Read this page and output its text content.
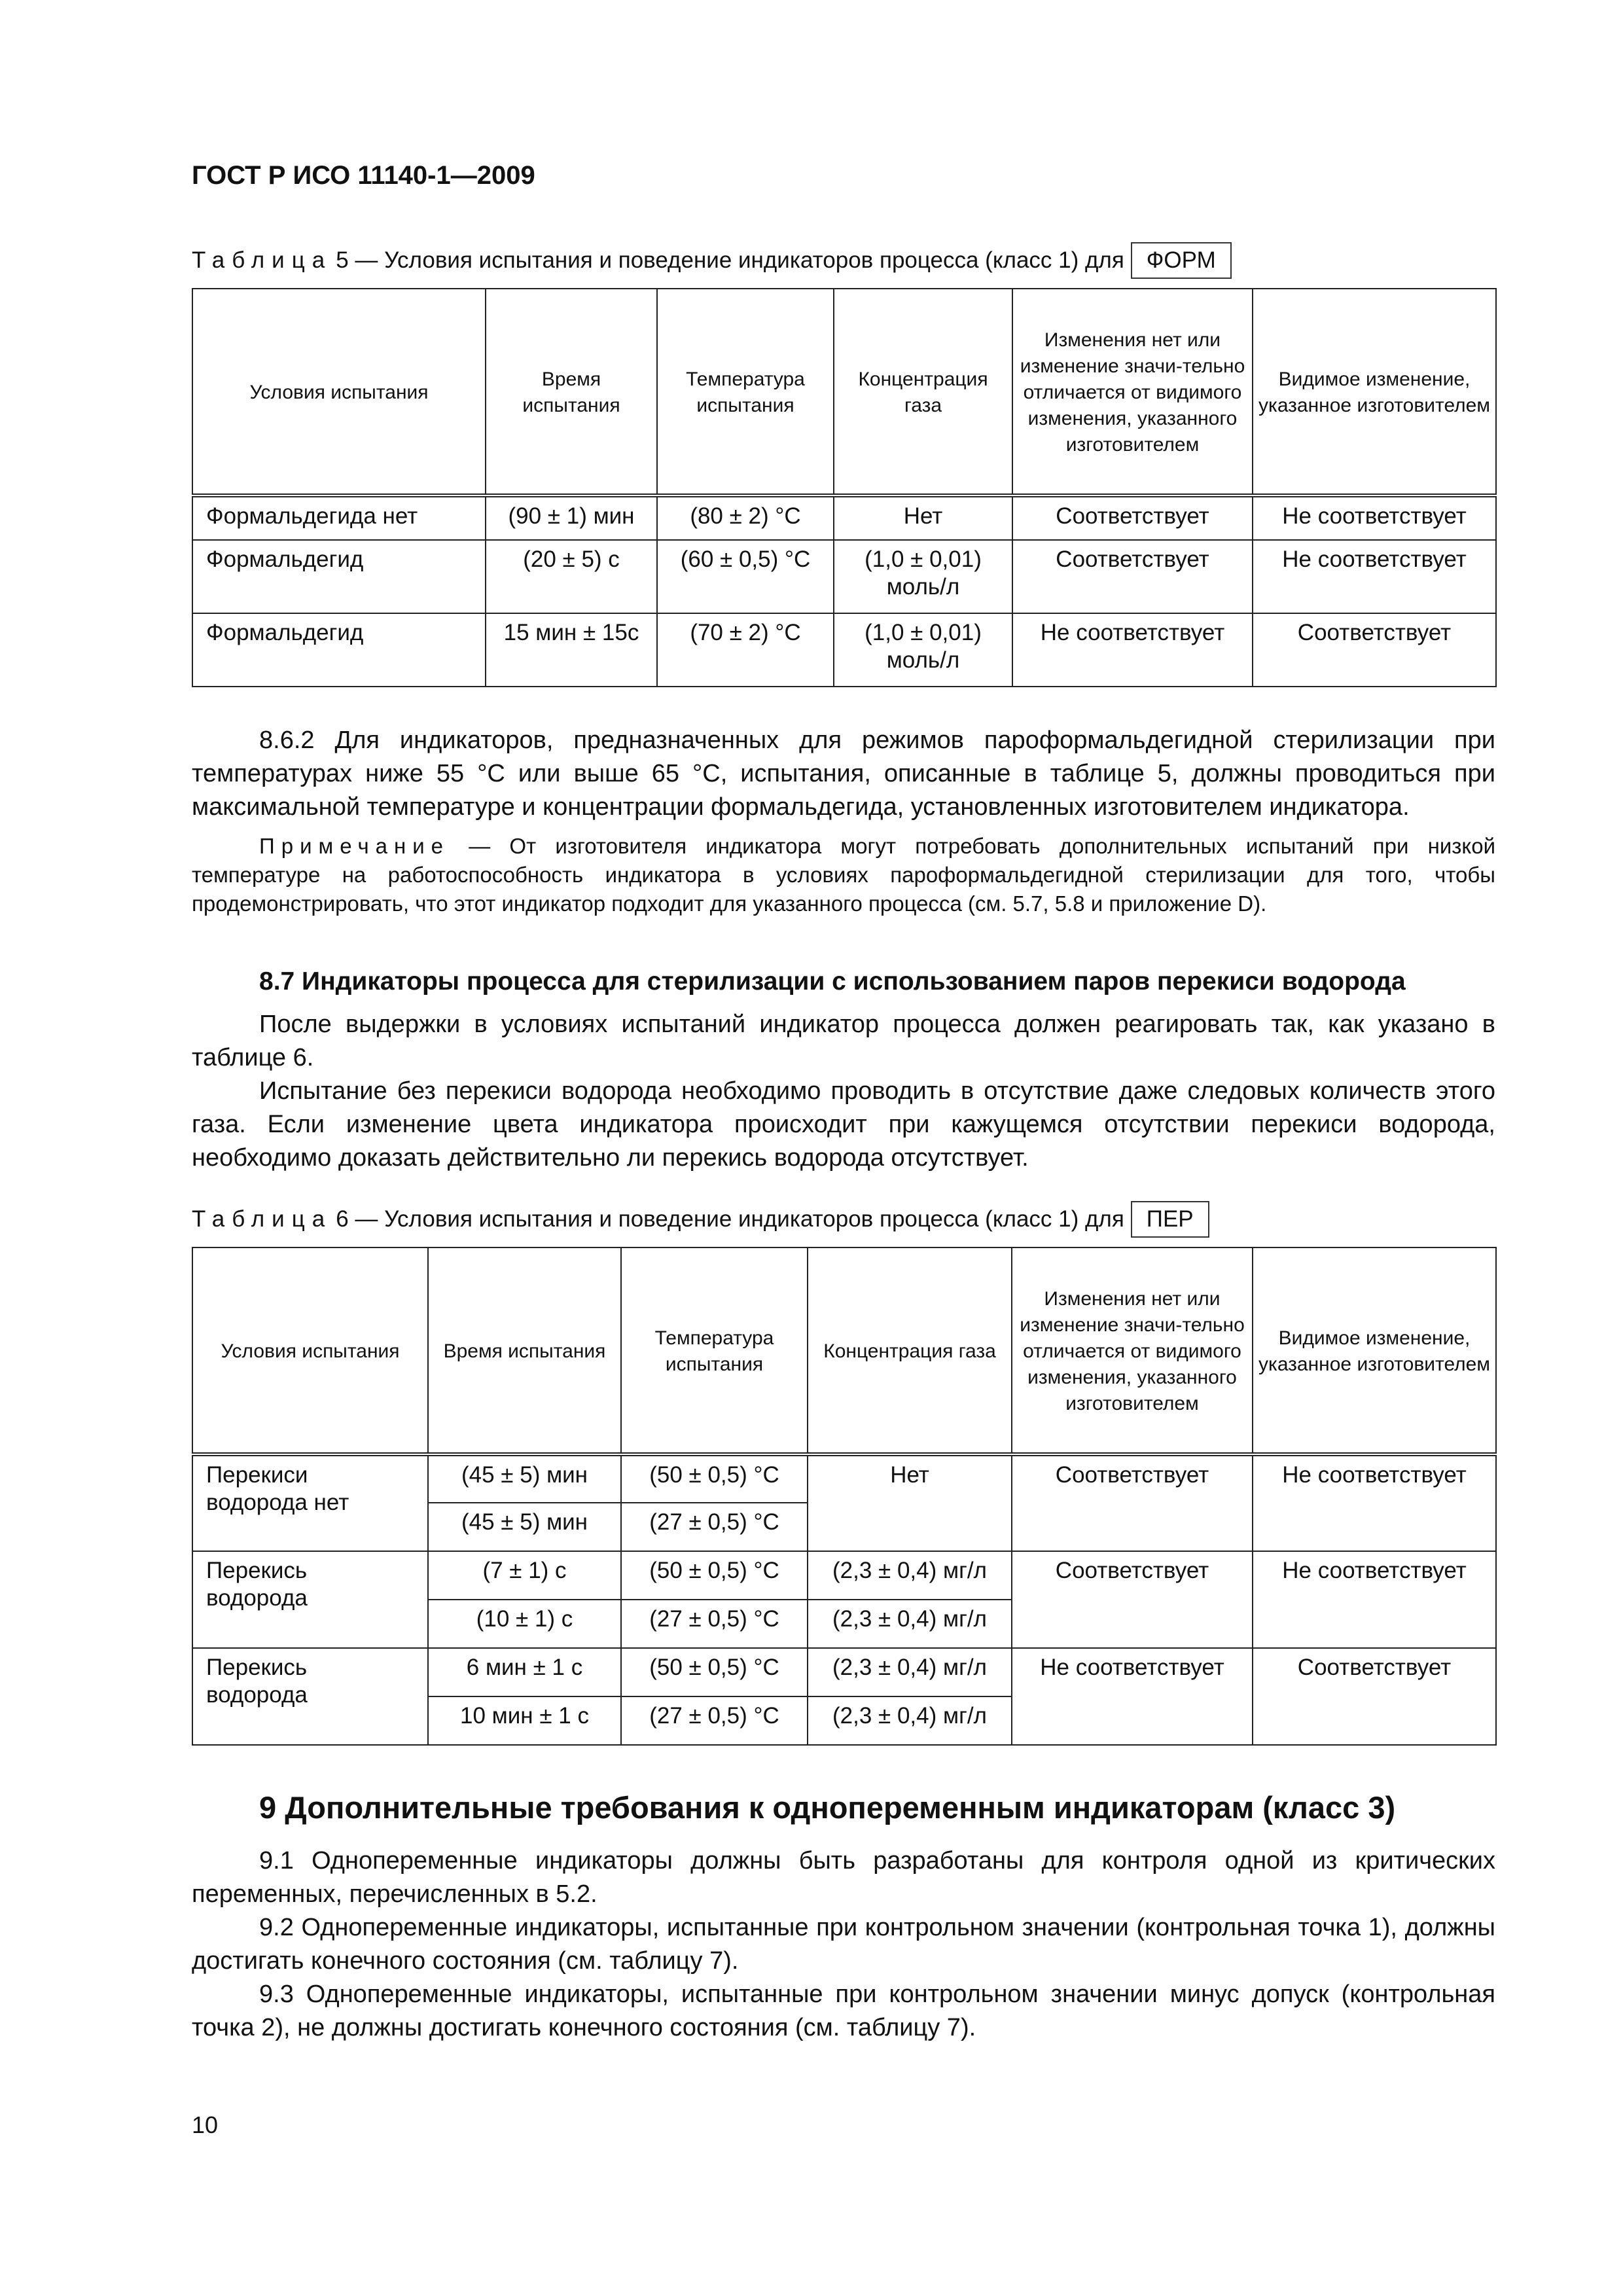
ГОСТ Р ИСО 11140-1—2009
Таблица 5 — Условия испытания и поведение индикаторов процесса (класс 1) для ФОРМ
Условия испытания	Время испытания	Температура испытания	Концентрация газа	Изменения нет или изменение значи-тельно отличается от видимого изменения, указанного изготовителем	Видимое изменение, указанное изготовителем
Формальдегида нет	(90 ± 1) мин	(80 ± 2) °С	Нет	Соответствует	Не соответствует
Формальдегид	(20 ± 5) с	(60 ± 0,5) °С	(1,0 ± 0,01) моль/л	Соответствует	Не соответствует
Формальдегид	15 мин ± 15с	(70 ± 2) °С	(1,0 ± 0,01) моль/л	Не соответствует	Соответствует

8.6.2 Для индикаторов, предназначенных для режимов пароформальдегидной стерилизации при температурах ниже 55 °С или выше 65 °С, испытания, описанные в таблице 5, должны проводиться при максимальной температуре и концентрации формальдегида, установленных изготовителем индикатора.

Примечание — От изготовителя индикатора могут потребовать дополнительных испытаний при низкой температуре на работоспособность индикатора в условиях пароформальдегидной стерилизации для того, чтобы продемонстрировать, что этот индикатор подходит для указанного процесса (см. 5.7, 5.8 и приложение D).

8.7 Индикаторы процесса для стерилизации с использованием паров перекиси водорода

После выдержки в условиях испытаний индикатор процесса должен реагировать так, как указано в таблице 6.

Испытание без перекиси водорода необходимо проводить в отсутствие даже следовых количеств этого газа. Если изменение цвета индикатора происходит при кажущемся отсутствии перекиси водорода, необходимо доказать действительно ли перекись водорода отсутствует.

Таблица 6 — Условия испытания и поведение индикаторов процесса (класс 1) для ПЕР
Условия испытания	Время испытания	Температура испытания	Концентрация газа	Изменения нет или изменение значи-тельно отличается от видимого изменения, указанного изготовителем	Видимое изменение, указанное изготовителем
Перекиси водорода нет	(45 ± 5) мин	(50 ± 0,5) °С	Нет	Соответствует	Не соответствует
	(45 ± 5) мин	(27 ± 0,5) °С			
Перекись водорода	(7 ± 1) с	(50 ± 0,5) °С	(2,3 ± 0,4) мг/л	Соответствует	Не соответствует
	(10 ± 1) с	(27 ± 0,5) °С	(2,3 ± 0,4) мг/л		
Перекись водорода	6 мин ± 1 с	(50 ± 0,5) °С	(2,3 ± 0,4) мг/л	Не соответствует	Соответствует
	10 мин ± 1 с	(27 ± 0,5) °С	(2,3 ± 0,4) мг/л		
9 Дополнительные требования к однопеременным индикаторам (класс 3)

9.1 Однопеременные индикаторы должны быть разработаны для контроля одной из критических переменных, перечисленных в 5.2.

9.2 Однопеременные индикаторы, испытанные при контрольном значении (контрольная точка 1), должны достигать конечного состояния (см. таблицу 7).

9.3 Однопеременные индикаторы, испытанные при контрольном значении минус допуск (контрольная точка 2), не должны достигать конечного состояния (см. таблицу 7).

10
